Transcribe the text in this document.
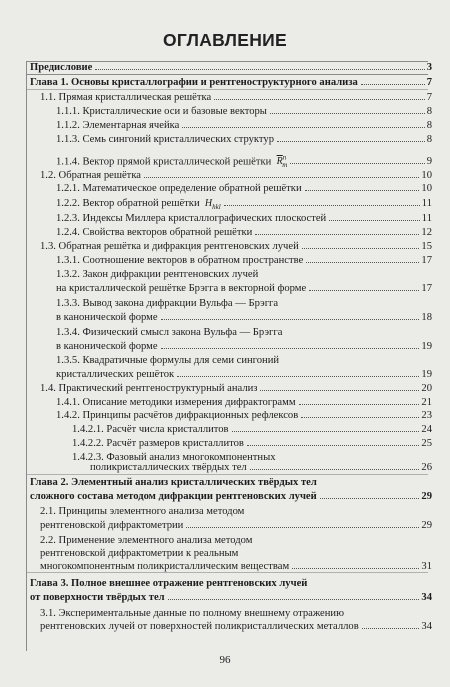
ОГЛАВЛЕНИЕ
Предисловие	3
Глава 1. Основы кристаллографии и рентгеноструктурного анализа	7
1.1. Прямая кристаллическая решётка	7
1.1.1. Кристаллические оси и базовые векторы	8
1.1.2. Элементарная ячейка	8
1.1.3. Семь сингоний кристаллических структур	8
1.1.4. Вектор прямой кристаллической решётки $\overline{R}^n_m$	9
1.2. Обратная решётка	10
1.2.1. Математическое определение обратной решётки	10
1.2.2. Вектор обратной решётки $\overline{H}_{hkl}$	11
1.2.3. Индексы Миллера кристаллографических плоскостей	11
1.2.4. Свойства векторов обратной решётки	12
1.3. Обратная решётка и дифракция рентгеновских лучей	15
1.3.1. Соотношение векторов в обратном пространстве	17
1.3.2. Закон дифракции рентгеновских лучей
на кристаллической решётке Брэгга в векторной форме	17
1.3.3. Вывод закона дифракции Вульфа — Брэгга
в канонической форме	18
1.3.4. Физический смысл закона Вульфа — Брэгга
в канонической форме	19
1.3.5. Квадратичные формулы для семи сингоний
кристаллических решёток	19
1.4. Практический рентгеноструктурный анализ	20
1.4.1. Описание методики измерения дифрактограмм	21
1.4.2. Принципы расчётов дифракционных рефлексов	23
1.4.2.1. Расчёт числа кристаллитов	24
1.4.2.2. Расчёт размеров кристаллитов	25
1.4.2.3. Фазовый анализ многокомпонентных
поликристаллических твёрдых тел	26
Глава 2. Элементный анализ кристаллических твёрдых тел
сложного состава методом дифракции рентгеновских лучей	29
2.1. Принципы элементного анализа методом
рентгеновской дифрактометрии	29
2.2. Применение элементного анализа методом
рентгеновской дифрактометрии к реальным
многокомпонентным поликристаллическим веществам	31
Глава 3. Полное внешнее отражение рентгеновских лучей
от поверхности твёрдых тел	34
3.1. Экспериментальные данные по полному внешнему отражению
рентгеновских лучей от поверхностей поликристаллических металлов	34
96
